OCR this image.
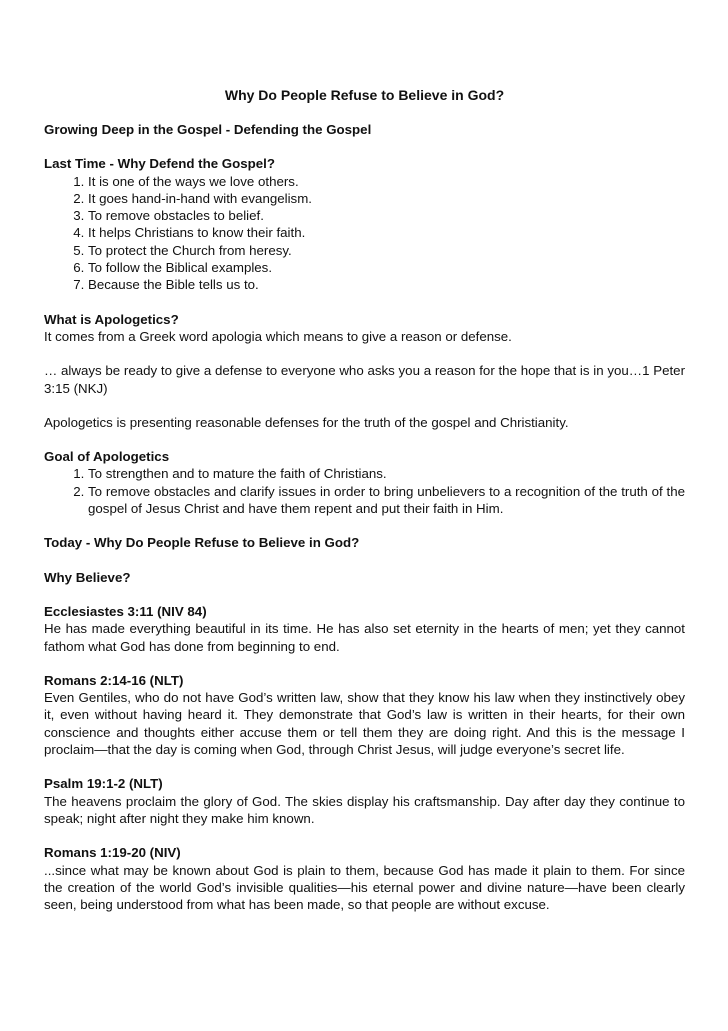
Why Do People Refuse to Believe in God?
Growing Deep in the Gospel - Defending the Gospel
Last Time - Why Defend the Gospel?
1. It is one of the ways we love others.
2. It goes hand-in-hand with evangelism.
3. To remove obstacles to belief.
4. It helps Christians to know their faith.
5. To protect the Church from heresy.
6. To follow the Biblical examples.
7. Because the Bible tells us to.
What is Apologetics?

It comes from a Greek word apologia which means to give a reason or defense.

… always be ready to give a defense to everyone who asks you a reason for the hope that is in you…1 Peter 3:15 (NKJ)

Apologetics is presenting reasonable defenses for the truth of the gospel and Christianity.

Goal of Apologetics
1. To strengthen and to mature the faith of Christians.
2. To remove obstacles and clarify issues in order to bring unbelievers to a recognition of the truth of the gospel of Jesus Christ and have them repent and put their faith in Him.
Today - Why Do People Refuse to Believe in God?
Why Believe?
Ecclesiastes 3:11 (NIV 84)

He has made everything beautiful in its time. He has also set eternity in the hearts of men; yet they cannot fathom what God has done from beginning to end.

Romans 2:14-16 (NLT)

Even Gentiles, who do not have God’s written law, show that they know his law when they instinctively obey it, even without having heard it. They demonstrate that God’s law is written in their hearts, for their own conscience and thoughts either accuse them or tell them they are doing right. And this is the message I proclaim—that the day is coming when God, through Christ Jesus, will judge everyone’s secret life.

Psalm 19:1-2 (NLT)

The heavens proclaim the glory of God. The skies display his craftsmanship. Day after day they continue to speak; night after night they make him known.

Romans 1:19-20 (NIV)

...since what may be known about God is plain to them, because God has made it plain to them. For since the creation of the world God’s invisible qualities—his eternal power and divine nature—have been clearly seen, being understood from what has been made, so that people are without excuse.
